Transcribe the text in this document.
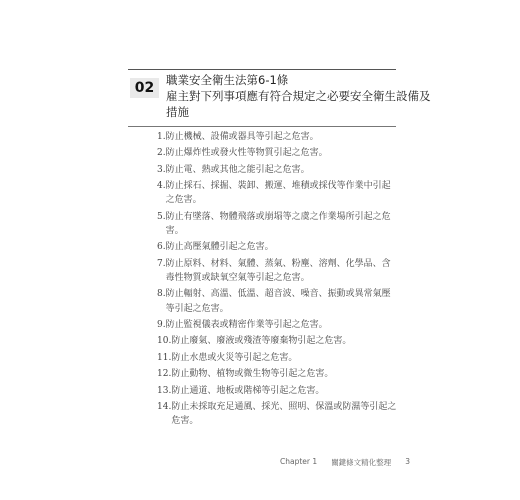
02	職業安全衛生法第6-1條
雇主對下列事項應有符合規定之必要安全衛生設備及
措施
1. 防止機械、設備或器具等引起之危害。
2. 防止爆炸性或發火性等物質引起之危害。
3. 防止電、熱或其他之能引起之危害。
4. 防止採石、採掘、裝卸、搬運、堆積或採伐等作業中引起之危害。
5. 防止有墜落、物體飛落或崩塌等之虞之作業場所引起之危害。
6. 防止高壓氣體引起之危害。
7. 防止原料、材料、氣體、蒸氣、粉塵、溶劑、化學品、含毒性物質或缺氧空氣等引起之危害。
8. 防止輻射、高溫、低溫、超音波、噪音、振動或異常氣壓等引起之危害。
9. 防止監視儀表或精密作業等引起之危害。
10. 防止廢氣、廢液或殘渣等廢棄物引起之危害。
11. 防止水患或火災等引起之危害。
12. 防止動物、植物或微生物等引起之危害。
13. 防止通道、地板或階梯等引起之危害。
14. 防止未採取充足通風、採光、照明、保溫或防濕等引起之危害。
Chapter 1 關鍵條文精化整理 3
